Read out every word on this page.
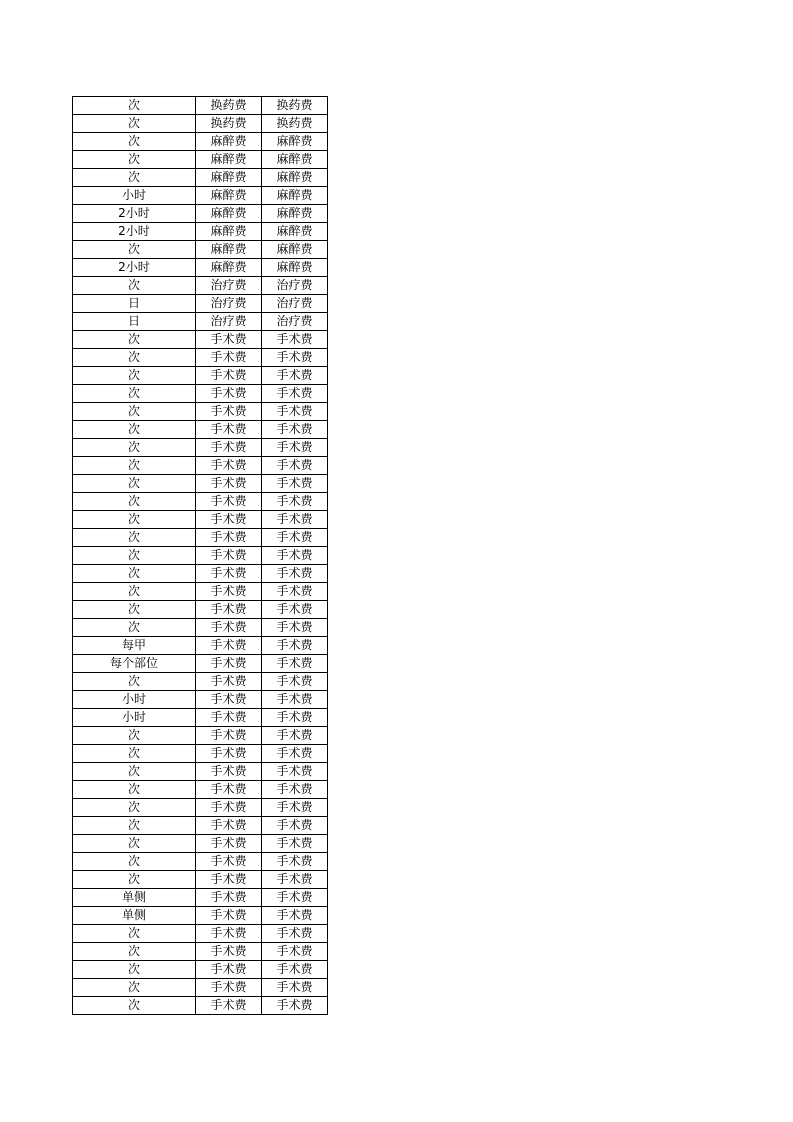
次	换药费	换药费
次	换药费	换药费
次	麻醉费	麻醉费
次	麻醉费	麻醉费
次	麻醉费	麻醉费
小时	麻醉费	麻醉费
2小时	麻醉费	麻醉费
2小时	麻醉费	麻醉费
次	麻醉费	麻醉费
2小时	麻醉费	麻醉费
次	治疗费	治疗费
日	治疗费	治疗费
日	治疗费	治疗费
次	手术费	手术费
次	手术费	手术费
次	手术费	手术费
次	手术费	手术费
次	手术费	手术费
次	手术费	手术费
次	手术费	手术费
次	手术费	手术费
次	手术费	手术费
次	手术费	手术费
次	手术费	手术费
次	手术费	手术费
次	手术费	手术费
次	手术费	手术费
次	手术费	手术费
次	手术费	手术费
次	手术费	手术费
每甲	手术费	手术费
每个部位	手术费	手术费
次	手术费	手术费
小时	手术费	手术费
小时	手术费	手术费
次	手术费	手术费
次	手术费	手术费
次	手术费	手术费
次	手术费	手术费
次	手术费	手术费
次	手术费	手术费
次	手术费	手术费
次	手术费	手术费
次	手术费	手术费
单侧	手术费	手术费
单侧	手术费	手术费
次	手术费	手术费
次	手术费	手术费
次	手术费	手术费
次	手术费	手术费
次	手术费	手术费
